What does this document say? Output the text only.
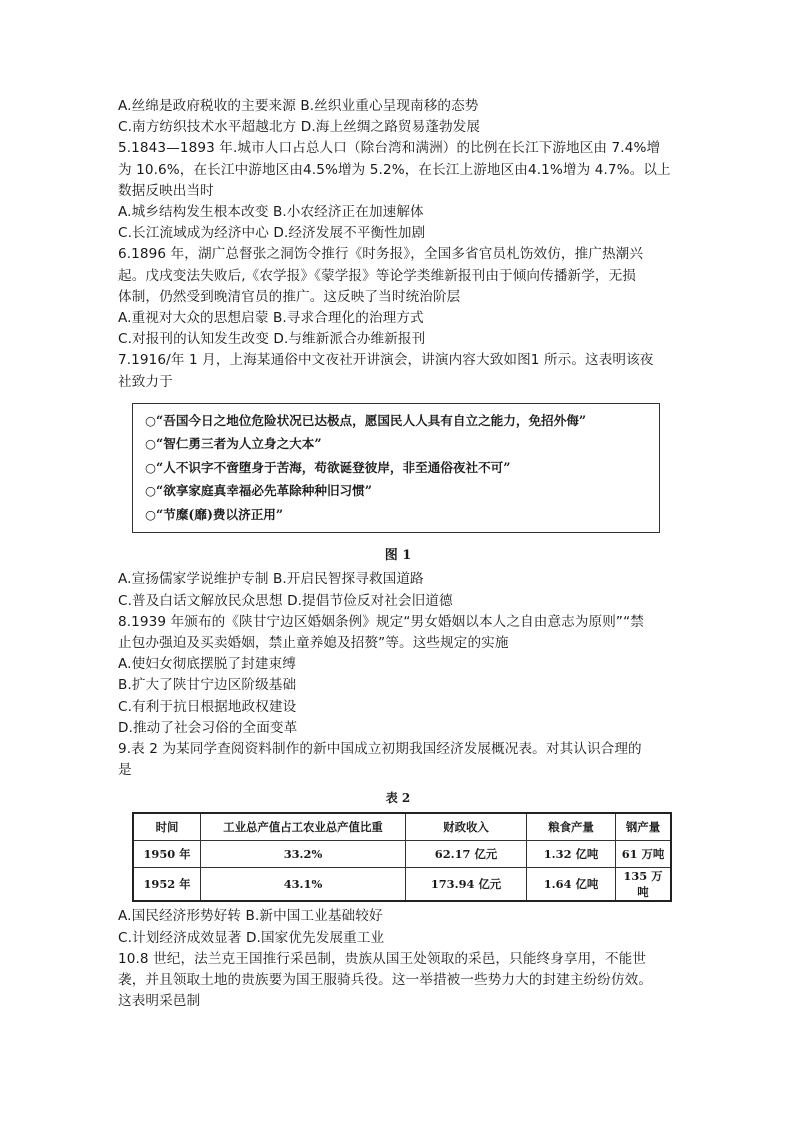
A.丝绵是政府税收的主要来源 B.丝织业重心呈现南移的态势
C.南方纺织技术水平超越北方 D.海上丝绸之路贸易蓬勃发展
5.1843—1893 年.城市人口占总人口（除台湾和满洲）的比例在长江下游地区由 7.4%增
为 10.6%，在长江中游地区由4.5%增为 5.2%，在长江上游地区由4.1%增为 4.7%。以上
数据反映出当时
A.城乡结构发生根本改变 B.小农经济正在加速解体
C.长江流域成为经济中心 D.经济发展不平衡性加剧
6.1896 年，湖广总督张之洞饬令推行《时务报》，全国多省官员札饬效仿，推广热潮兴
起。戊戌变法失败后,《农学报》《蒙学报》等论学类维新报刊由于倾向传播新学，无损
体制，仍然受到晚清官员的推广。这反映了当时统治阶层
A.重视对大众的思想启蒙 B.寻求合理化的治理方式
C.对报刊的认知发生改变 D.与维新派合办维新报刊
7.1916/年 1 月，上海某通俗中文夜社开讲演会，讲演内容大致如图1 所示。这表明该夜
社致力于
○“吾国今日之地位危险状况已达极点，愿国民人人具有自立之能力，免招外侮”
○“智仁勇三者为人立身之大本”
○“人不识字不啻堕身于苦海，苟欲诞登彼岸，非至通俗夜社不可”
○“欲享家庭真幸福必先革除种种旧习惯”
○“节糜(靡)费以济正用”
图 1
A.宣扬儒家学说维护专制 B.开启民智探寻救国道路
C.普及白话文解放民众思想 D.提倡节俭反对社会旧道德
8.1939 年颁布的《陕甘宁边区婚姻条例》规定“男女婚姻以本人之自由意志为原则”“禁
止包办强迫及买卖婚姻，禁止童养媳及招赘”等。这些规定的实施
A.使妇女彻底摆脱了封建束缚
B.扩大了陕甘宁边区阶级基础
C.有利于抗日根据地政权建设
D.推动了社会习俗的全面变革
9.表 2 为某同学查阅资料制作的新中国成立初期我国经济发展概况表。对其认识合理的
是
表 2
时间	工业总产值占工农业总产值比重	财政收入	粮食产量	钢产量
1950 年	33.2%	62.17 亿元	1.32 亿吨	61 万吨
1952 年	43.1%	173.94 亿元	1.64 亿吨	135 万吨
A.国民经济形势好转 B.新中国工业基础较好
C.计划经济成效显著 D.国家优先发展重工业
10.8 世纪，法兰克王国推行采邑制，贵族从国王处领取的采邑，只能终身享用，不能世
袭，并且领取土地的贵族要为国王服骑兵役。这一举措被一些势力大的封建主纷纷仿效。
这表明采邑制
